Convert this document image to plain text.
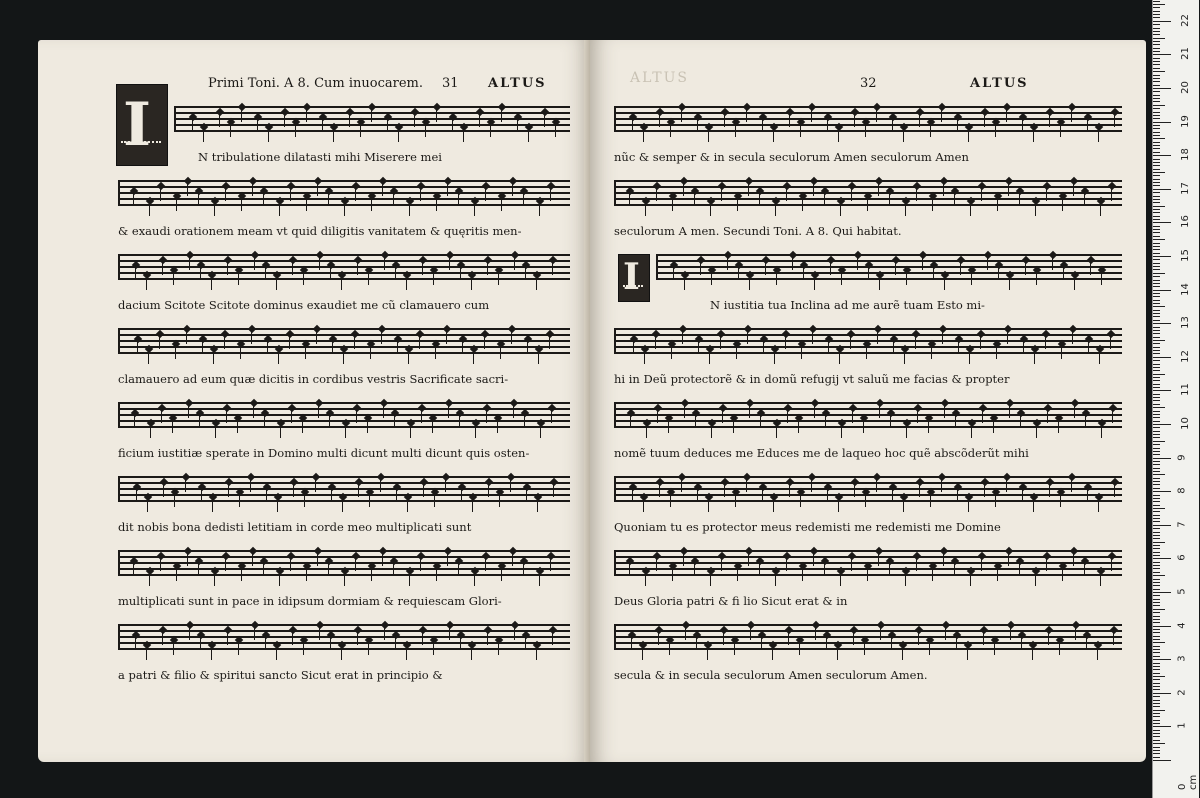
I
Primi Toni. A 8. Cum inuocarem. 31 ALTUS
N tribulatione dilatasti mihi Miserere mei
& exaudi orationem meam vt quid diligitis vanitatem & quęritis men-
dacium Scitote Scitote dominus exaudiet me cũ clamauero cum
clamauero ad eum quæ dicitis in cordibus vestris Sacrificate sacri-
ficium iustitiæ sperate in Domino multi dicunt multi dicunt quis osten-
dit nobis bona dedisti letitiam in corde meo multiplicati sunt
multiplicati sunt in pace in idipsum dormiam & requiescam Glori-
a patri & filio & spiritui sancto Sicut erat in principio &
ALTUS	32	ALTUS
I
nũc & semper & in secula seculorum Amen seculorum Amen
seculorum A men. Secundi Toni. A 8. Qui habitat.
N iustitia tua Inclina ad me aurẽ tuam Esto mi-
hi in Deũ protectorẽ & in domũ refugij vt saluũ me facias & propter
nomẽ tuum deduces me Educes me de laqueo hoc quẽ abscõderũt mihi
Quoniam tu es protector meus redemisti me redemisti me Domine
Deus Gloria patri & fi lio Sicut erat & in
secula & in secula seculorum Amen seculorum Amen.
1
2
3
4
5
6
7
8
9
10
11
12
13
14
15
16
17
18
19
20
21
22
0 cm
